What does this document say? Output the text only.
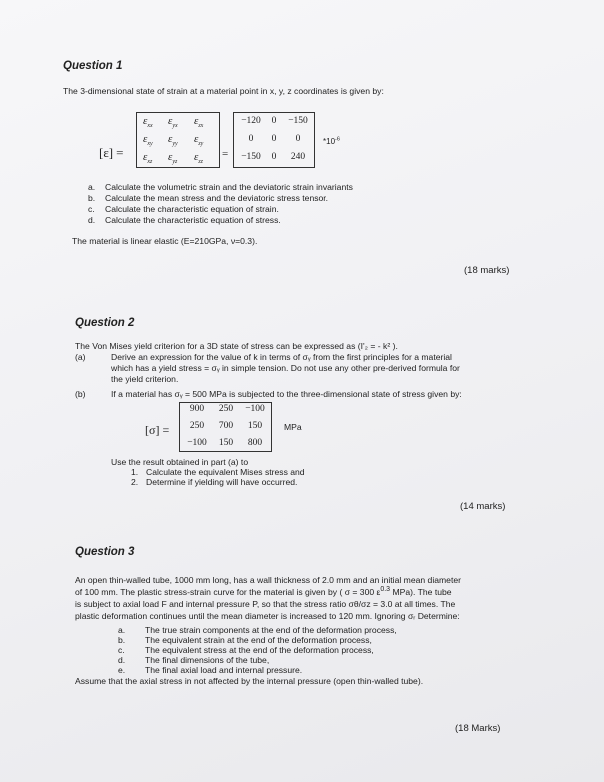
Question 1
The 3-dimensional state of strain at a material point in x, y, z coordinates is given by:
[ε] =
$\varepsilon_{xx}$ $\varepsilon_{yx}$ $\varepsilon_{zx}$
$\varepsilon_{xy}$ $\varepsilon_{yy}$ $\varepsilon_{zy}$
$\varepsilon_{xz}$ $\varepsilon_{yz}$ $\varepsilon_{zz}$
=
−120	0	−150
0	0	0
−150	0	240
$*10^{-6}$
a. Calculate the volumetric strain and the deviatoric strain invariants
b. Calculate the mean stress and the deviatoric stress tensor.
c. Calculate the characteristic equation of strain.
d. Calculate the characteristic equation of stress.
The material is linear elastic (E=210GPa, ν=0.3).
(18 marks)
Question 2
The Von Mises yield criterion for a 3D state of stress can be expressed as (I'₂ = - k² ).
(a)	Derive an expression for the value of k in terms of σᵧ from the first principles for a material
which has a yield stress = σᵧ in simple tension. Do not use any other pre-derived formula for
the yield criterion.
(b)	If a material has σᵧ = 500 MPa is subjected to the three-dimensional state of stress given by:
[σ] =
900	250	−100
250	700	150
−100	150	800
MPa
Use the result obtained in part (a) to
1. Calculate the equivalent Mises stress and
2. Determine if yielding will have occurred.
(14 marks)
Question 3
An open thin-walled tube, 1000 mm long, has a wall thickness of 2.0 mm and an initial mean diameter
of 100 mm. The plastic stress-strain curve for the material is given by ( σ = 300 $\varepsilon^{0.3}$ MPa). The tube
is subject to axial load F and internal pressure P, so that the stress ratio σθ/σz = 3.0 at all times. The
plastic deformation continues until the mean diameter is increased to 120 mm. Ignoring σᵣ Determine:
a. The true strain components at the end of the deformation process,
b. The equivalent strain at the end of the deformation process,
c. The equivalent stress at the end of the deformation process,
d. The final dimensions of the tube,
e. The final axial load and internal pressure.
Assume that the axial stress in not affected by the internal pressure (open thin-walled tube).
(18 Marks)
